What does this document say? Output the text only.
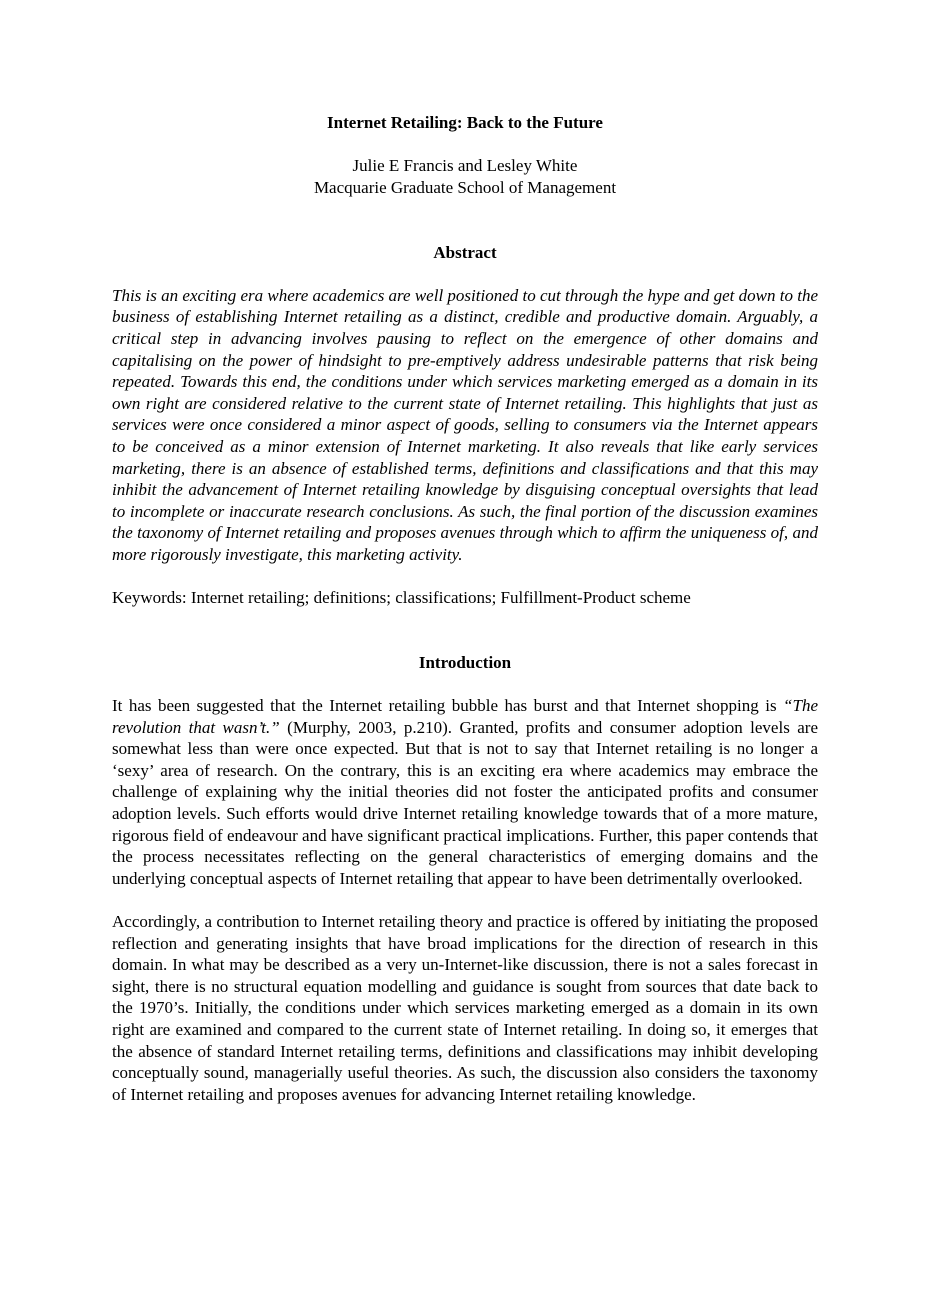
Internet Retailing: Back to the Future

Julie E Francis and Lesley White

Macquarie Graduate School of Management

Abstract

This is an exciting era where academics are well positioned to cut through the hype and get down to the business of establishing Internet retailing as a distinct, credible and productive domain. Arguably, a critical step in advancing involves pausing to reflect on the emergence of other domains and capitalising on the power of hindsight to pre-emptively address undesirable patterns that risk being repeated. Towards this end, the conditions under which services marketing emerged as a domain in its own right are considered relative to the current state of Internet retailing. This highlights that just as services were once considered a minor aspect of goods, selling to consumers via the Internet appears to be conceived as a minor extension of Internet marketing. It also reveals that like early services marketing, there is an absence of established terms, definitions and classifications and that this may inhibit the advancement of Internet retailing knowledge by disguising conceptual oversights that lead to incomplete or inaccurate research conclusions. As such, the final portion of the discussion examines the taxonomy of Internet retailing and proposes avenues through which to affirm the uniqueness of, and more rigorously investigate, this marketing activity.

Keywords: Internet retailing; definitions; classifications; Fulfillment-Product scheme

Introduction

It has been suggested that the Internet retailing bubble has burst and that Internet shopping is “The revolution that wasn’t.” (Murphy, 2003, p.210). Granted, profits and consumer adoption levels are somewhat less than were once expected. But that is not to say that Internet retailing is no longer a ‘sexy’ area of research. On the contrary, this is an exciting era where academics may embrace the challenge of explaining why the initial theories did not foster the anticipated profits and consumer adoption levels. Such efforts would drive Internet retailing knowledge towards that of a more mature, rigorous field of endeavour and have significant practical implications. Further, this paper contends that the process necessitates reflecting on the general characteristics of emerging domains and the underlying conceptual aspects of Internet retailing that appear to have been detrimentally overlooked.

Accordingly, a contribution to Internet retailing theory and practice is offered by initiating the proposed reflection and generating insights that have broad implications for the direction of research in this domain. In what may be described as a very un-Internet-like discussion, there is not a sales forecast in sight, there is no structural equation modelling and guidance is sought from sources that date back to the 1970’s. Initially, the conditions under which services marketing emerged as a domain in its own right are examined and compared to the current state of Internet retailing. In doing so, it emerges that the absence of standard Internet retailing terms, definitions and classifications may inhibit developing conceptually sound, managerially useful theories. As such, the discussion also considers the taxonomy of Internet retailing and proposes avenues for advancing Internet retailing knowledge.
